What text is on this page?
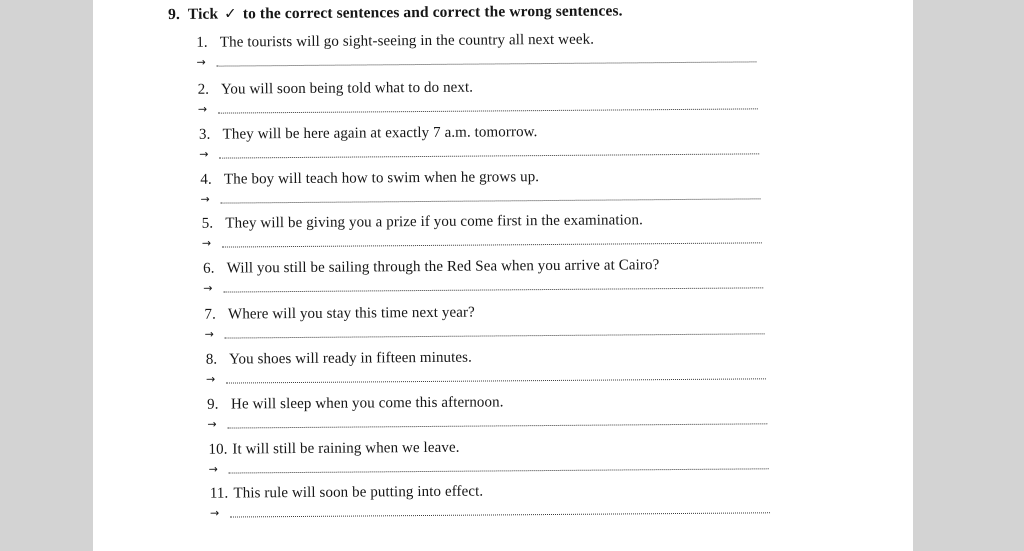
9. Tick ✓ to the correct sentences and correct the wrong sentences.
1. The tourists will go sight-seeing in the country all next week.
→
2. You will soon being told what to do next.
→
3. They will be here again at exactly 7 a.m. tomorrow.
→
4. The boy will teach how to swim when he grows up.
→
5. They will be giving you a prize if you come first in the examination.
→
6. Will you still be sailing through the Red Sea when you arrive at Cairo?
→
7. Where will you stay this time next year?
→
8. You shoes will ready in fifteen minutes.
→
9. He will sleep when you come this afternoon.
→
10. It will still be raining when we leave.
→
11. This rule will soon be putting into effect.
→
